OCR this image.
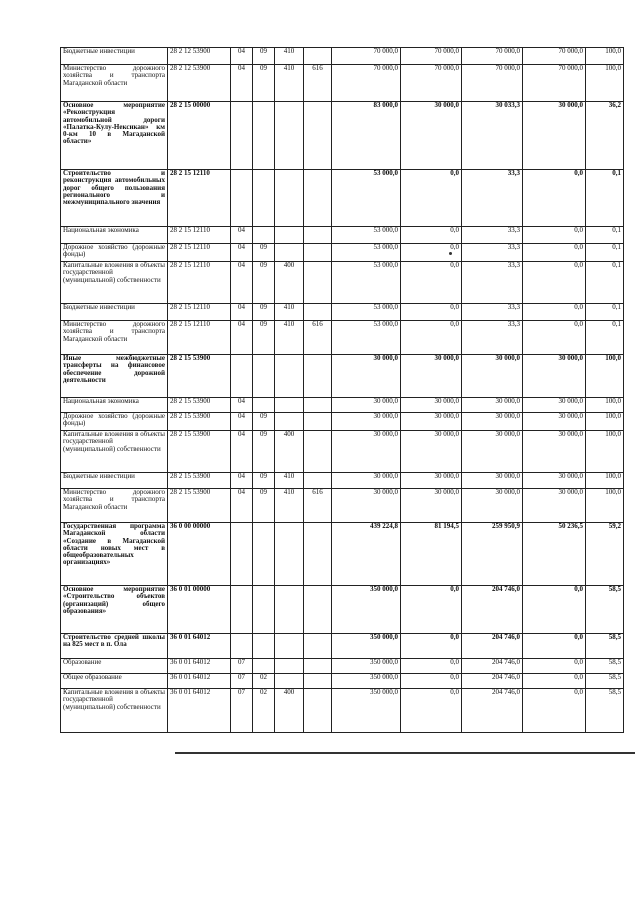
Бюджетные инвестиции	28 2 12 53900	04	09	410		70 000,0	70 000,0	70 000,0	70 000,0	100,0
Министерство дорожного хозяйства и транспорта Магаданской области	28 2 12 53900	04	09	410	616	70 000,0	70 000,0	70 000,0	70 000,0	100,0
Основное мероприятие «Реконструкция автомобильной дороги «Палатка-Кулу-Нексикан» км 0-км 10 в Магаданской области»	28 2 15 00000					83 000,0	30 000,0	30 033,3	30 000,0	36,2
Строительство и реконструкция автомобильных дорог общего пользования регионального и межмуниципального значения	28 2 15 12110					53 000,0	0,0	33,3	0,0	0,1
Национальная экономика	28 2 15 12110	04				53 000,0	0,0	33,3	0,0	0,1
Дорожное хозяйство (дорожные фонды)	28 2 15 12110	04	09			53 000,0	0,0	33,3	0,0	0,1
Капитальные вложения в объекты государственной (муниципальной) собственности	28 2 15 12110	04	09	400		53 000,0	0,0	33,3	0,0	0,1
Бюджетные инвестиции	28 2 15 12110	04	09	410		53 000,0	0,0	33,3	0,0	0,1
Министерство дорожного хозяйства и транспорта Магаданской области	28 2 15 12110	04	09	410	616	53 000,0	0,0	33,3	0,0	0,1
Иные межбюджетные трансферты на финансовое обеспечение дорожной деятельности	28 2 15 53900					30 000,0	30 000,0	30 000,0	30 000,0	100,0
Национальная экономика	28 2 15 53900	04				30 000,0	30 000,0	30 000,0	30 000,0	100,0
Дорожное хозяйство (дорожные фонды)	28 2 15 53900	04	09			30 000,0	30 000,0	30 000,0	30 000,0	100,0
Капитальные вложения в объекты государственной (муниципальной) собственности	28 2 15 53900	04	09	400		30 000,0	30 000,0	30 000,0	30 000,0	100,0
Бюджетные инвестиции	28 2 15 53900	04	09	410		30 000,0	30 000,0	30 000,0	30 000,0	100,0
Министерство дорожного хозяйства и транспорта Магаданской области	28 2 15 53900	04	09	410	616	30 000,0	30 000,0	30 000,0	30 000,0	100,0
Государственная программа Магаданской области «Создание в Магаданской области новых мест в общеобразовательных организациях»	36 0 00 00000					439 224,8	81 194,5	259 950,9	50 236,5	59,2
Основное мероприятие «Строительство объектов (организаций) общего образования»	36 0 01 00000					350 000,0	0,0	204 746,0	0,0	58,5
Строительство средней школы на 825 мест в п. Ола	36 0 01 64012					350 000,0	0,0	204 746,0	0,0	58,5
Образование	36 0 01 64012	07				350 000,0	0,0	204 746,0	0,0	58,5
Общее образование	36 0 01 64012	07	02			350 000,0	0,0	204 746,0	0,0	58,5
Капитальные вложения в объекты государственной (муниципальной) собственности	36 0 01 64012	07	02	400		350 000,0	0,0	204 746,0	0,0	58,5
